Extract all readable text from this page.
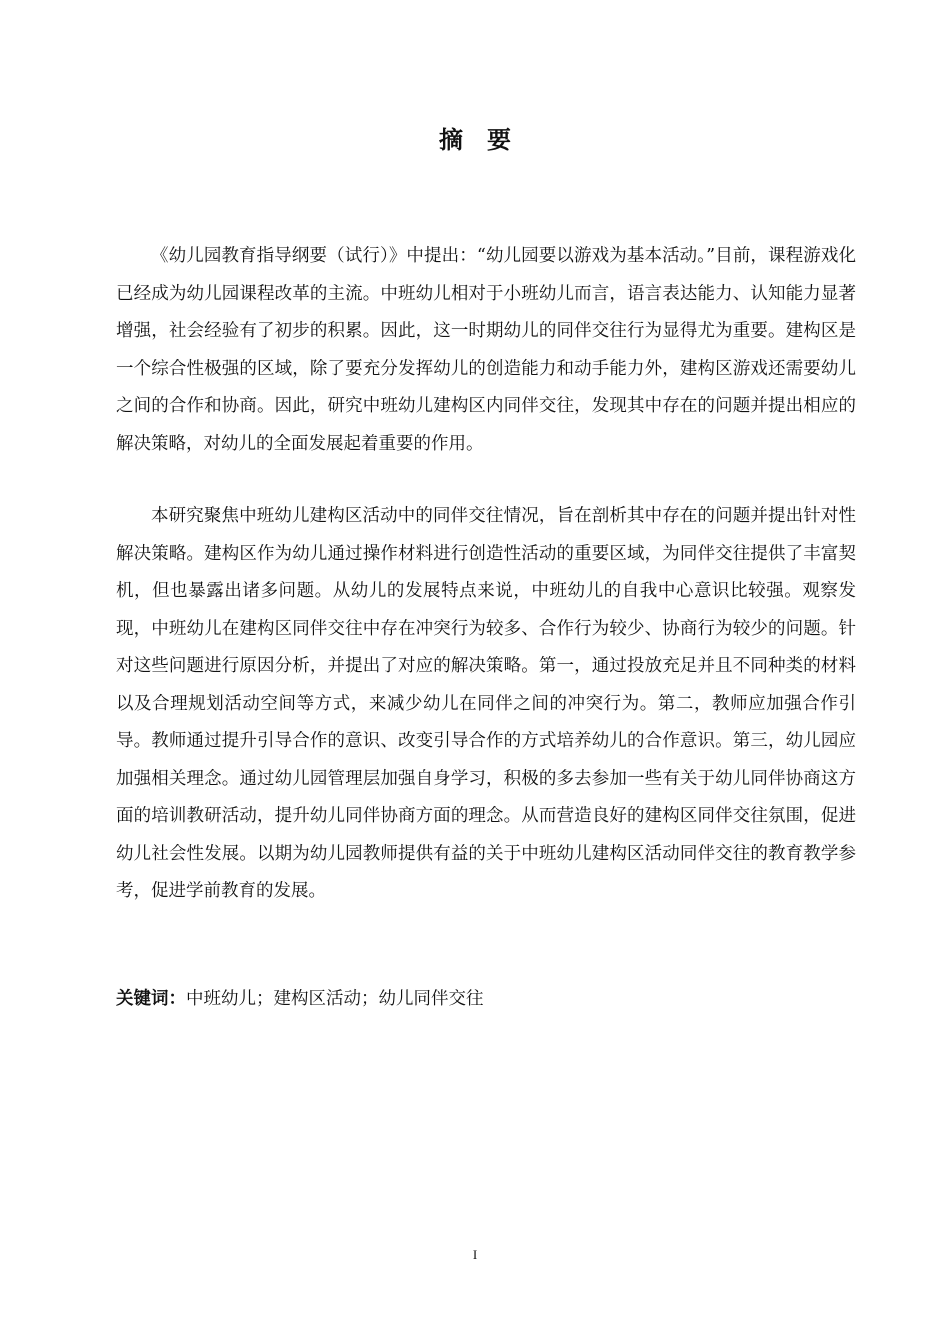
摘要

《幼儿园教育指导纲要（试行）》中提出：“幼儿园要以游戏为基本活动。”目前，课程游戏化已经成为幼儿园课程改革的主流。中班幼儿相对于小班幼儿而言，语言表达能力、认知能力显著增强，社会经验有了初步的积累。因此，这一时期幼儿的同伴交往行为显得尤为重要。建构区是一个综合性极强的区域，除了要充分发挥幼儿的创造能力和动手能力外，建构区游戏还需要幼儿之间的合作和协商。因此，研究中班幼儿建构区内同伴交往，发现其中存在的问题并提出相应的解决策略，对幼儿的全面发展起着重要的作用。

本研究聚焦中班幼儿建构区活动中的同伴交往情况，旨在剖析其中存在的问题并提出针对性解决策略。建构区作为幼儿通过操作材料进行创造性活动的重要区域，为同伴交往提供了丰富契机，但也暴露出诸多问题。从幼儿的发展特点来说，中班幼儿的自我中心意识比较强。观察发现，中班幼儿在建构区同伴交往中存在冲突行为较多、合作行为较少、协商行为较少的问题。针对这些问题进行原因分析，并提出了对应的解决策略。第一，通过投放充足并且不同种类的材料以及合理规划活动空间等方式，来减少幼儿在同伴之间的冲突行为。第二，教师应加强合作引导。教师通过提升引导合作的意识、改变引导合作的方式培养幼儿的合作意识。第三，幼儿园应加强相关理念。通过幼儿园管理层加强自身学习，积极的多去参加一些有关于幼儿同伴协商这方面的培训教研活动，提升幼儿同伴协商方面的理念。从而营造良好的建构区同伴交往氛围，促进幼儿社会性发展。以期为幼儿园教师提供有益的关于中班幼儿建构区活动同伴交往的教育教学参考，促进学前教育的发展。

关键词：中班幼儿；建构区活动；幼儿同伴交往
I
